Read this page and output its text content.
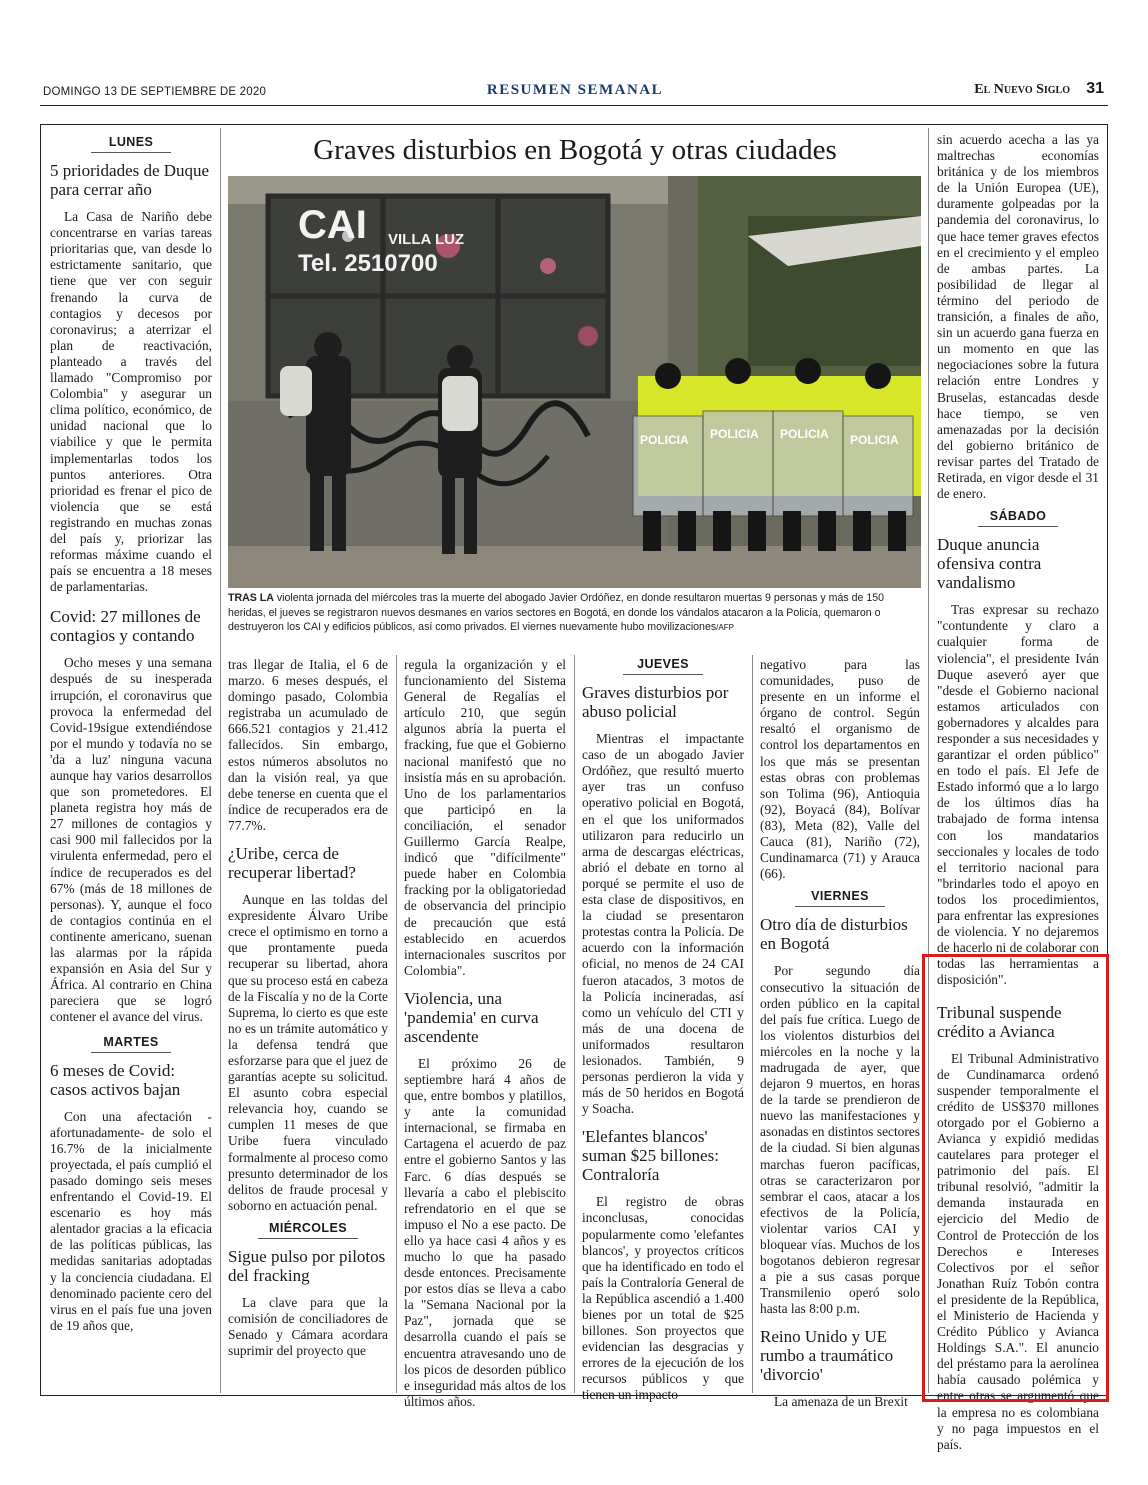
DOMINGO 13 DE SEPTIEMBRE DE 2020	RESUMEN SEMANAL	El Nuevo Siglo 31
LUNES
5 prioridades de Duque para cerrar año

La Casa de Nariño debe concentrarse en varias tareas prioritarias que, van desde lo estrictamente sanitario, que tiene que ver con seguir frenando la curva de contagios y decesos por coronavirus; a aterrizar el plan de reactivación, planteado a través del llamado "Compromiso por Colombia" y asegurar un clima político, económico, de unidad nacional que lo viabilice y que le permita implementarlas todos los puntos anteriores. Otra prioridad es frenar el pico de violencia que se está registrando en muchas zonas del país y, priorizar las reformas máxime cuando el país se encuentra a 18 meses de parlamentarias.

Covid: 27 millones de contagios y contando

Ocho meses y una semana después de su inesperada irrupción, el coronavirus que provoca la enfermedad del Covid-19sigue extendiéndose por el mundo y todavía no se 'da a luz' ninguna vacuna aunque hay varios desarrollos que son prometedores. El planeta registra hoy más de 27 millones de contagios y casi 900 mil fallecidos por la virulenta enfermedad, pero el índice de recuperados es del 67% (más de 18 millones de personas). Y, aunque el foco de contagios continúa en el continente americano, suenan las alarmas por la rápida expansión en Asia del Sur y África. Al contrario en China pareciera que se logró contener el avance del virus.

MARTES
6 meses de Covid: casos activos bajan

Con una afectación -afortunadamente- de solo el 16.7% de la inicialmente proyectada, el país cumplió el pasado domingo seis meses enfrentando el Covid-19. El escenario es hoy más alentador gracias a la eficacia de las políticas públicas, las medidas sanitarias adoptadas y la conciencia ciudadana. El denominado paciente cero del virus en el país fue una joven de 19 años que,

Graves disturbios en Bogotá y otras ciudades
CAI VILLA LUZ
Tel. 2510700
POLICIA POLICIA POLICIA POLICIA
TRAS LA violenta jornada del miércoles tras la muerte del abogado Javier Ordóñez, en donde resultaron muertas 9 personas y más de 150 heridas, el jueves se registraron nuevos desmanes en varios sectores en Bogotá, en donde los vándalos atacaron a la Policía, quemaron o destruyeron los CAI y edificios públicos, así como privados. El viernes nuevamente hubo movilizaciones/AFP

tras llegar de Italia, el 6 de marzo. 6 meses después, el domingo pasado, Colombia registraba un acumulado de 666.521 contagios y 21.412 fallecidos. Sin embargo, estos números absolutos no dan la visión real, ya que debe tenerse en cuenta que el índice de recuperados era de 77.7%.

¿Uribe, cerca de recuperar libertad?

Aunque en las toldas del expresidente Álvaro Uribe crece el optimismo en torno a que prontamente pueda recuperar su libertad, ahora que su proceso está en cabeza de la Fiscalía y no de la Corte Suprema, lo cierto es que este no es un trámite automático y la defensa tendrá que esforzarse para que el juez de garantías acepte su solicitud. El asunto cobra especial relevancia hoy, cuando se cumplen 11 meses de que Uribe fuera vinculado formalmente al proceso como presunto determinador de los delitos de fraude procesal y soborno en actuación penal.

MIÉRCOLES
Sigue pulso por pilotos del fracking

La clave para que la comisión de conciliadores de Senado y Cámara acordara suprimir del proyecto que

regula la organización y el funcionamiento del Sistema General de Regalías el artículo 210, que según algunos abría la puerta el fracking, fue que el Gobierno nacional manifestó que no insistía más en su aprobación. Uno de los parlamentarios que participó en la conciliación, el senador Guillermo García Realpe, indicó que "difícilmente" puede haber en Colombia fracking por la obligatoriedad de observancia del principio de precaución que está establecido en acuerdos internacionales suscritos por Colombia".

Violencia, una 'pandemia' en curva ascendente

El próximo 26 de septiembre hará 4 años de que, entre bombos y platillos, y ante la comunidad internacional, se firmaba en Cartagena el acuerdo de paz entre el gobierno Santos y las Farc. 6 días después se llevaría a cabo el plebiscito refrendatorio en el que se impuso el No a ese pacto. De ello ya hace casi 4 años y es mucho lo que ha pasado desde entonces. Precisamente por estos días se lleva a cabo la "Semana Nacional por la Paz", jornada que se desarrolla cuando el país se encuentra atravesando uno de los picos de desorden público e inseguridad más altos de los últimos años.

JUEVES
Graves disturbios por abuso policial

Mientras el impactante caso de un abogado Javier Ordóñez, que resultó muerto ayer tras un confuso operativo policial en Bogotá, en el que los uniformados utilizaron para reducirlo un arma de descargas eléctricas, abrió el debate en torno al porqué se permite el uso de esta clase de dispositivos, en la ciudad se presentaron protestas contra la Policía. De acuerdo con la información oficial, no menos de 24 CAI fueron atacados, 3 motos de la Policía incineradas, así como un vehículo del CTI y más de una docena de uniformados resultaron lesionados. También, 9 personas perdieron la vida y más de 50 heridos en Bogotá y Soacha.

'Elefantes blancos' suman $25 billones: Contraloría

El registro de obras inconclusas, conocidas popularmente como 'elefantes blancos', y proyectos críticos que ha identificado en todo el país la Contraloría General de la República ascendió a 1.400 bienes por un total de $25 billones. Son proyectos que evidencian las desgracias y errores de la ejecución de los recursos públicos y que tienen un impacto

negativo para las comunidades, puso de presente en un informe el órgano de control. Según resaltó el organismo de control los departamentos en los que más se presentan estas obras con problemas son Tolima (96), Antioquia (92), Boyacá (84), Bolívar (83), Meta (82), Valle del Cauca (81), Nariño (72), Cundinamarca (71) y Arauca (66).

VIERNES
Otro día de disturbios en Bogotá

Por segundo día consecutivo la situación de orden público en la capital del país fue crítica. Luego de los violentos disturbios del miércoles en la noche y la madrugada de ayer, que dejaron 9 muertos, en horas de la tarde se prendieron de nuevo las manifestaciones y asonadas en distintos sectores de la ciudad. Si bien algunas marchas fueron pacíficas, otras se caracterizaron por sembrar el caos, atacar a los efectivos de la Policía, violentar varios CAI y bloquear vías. Muchos de los bogotanos debieron regresar a pie a sus casas porque Transmilenio operó solo hasta las 8:00 p.m.

Reino Unido y UE rumbo a traumático 'divorcio'

La amenaza de un Brexit

sin acuerdo acecha a las ya maltrechas economías británica y de los miembros de la Unión Europea (UE), duramente golpeadas por la pandemia del coronavirus, lo que hace temer graves efectos en el crecimiento y el empleo de ambas partes. La posibilidad de llegar al término del periodo de transición, a finales de año, sin un acuerdo gana fuerza en un momento en que las negociaciones sobre la futura relación entre Londres y Bruselas, estancadas desde hace tiempo, se ven amenazadas por la decisión del gobierno británico de revisar partes del Tratado de Retirada, en vigor desde el 31 de enero.

SÁBADO
Duque anuncia ofensiva contra vandalismo

Tras expresar su rechazo "contundente y claro a cualquier forma de violencia", el presidente Iván Duque aseveró ayer que "desde el Gobierno nacional estamos articulados con gobernadores y alcaldes para responder a sus necesidades y garantizar el orden público" en todo el país. El Jefe de Estado informó que a lo largo de los últimos días ha trabajado de forma intensa con los mandatarios seccionales y locales de todo el territorio nacional para "brindarles todo el apoyo en todos los procedimientos, para enfrentar las expresiones de violencia. Y no dejaremos de hacerlo ni de colaborar con todas las herramientas a disposición".

Tribunal suspende crédito a Avianca

El Tribunal Administrativo de Cundinamarca ordenó suspender temporalmente el crédito de US$370 millones otorgado por el Gobierno a Avianca y expidió medidas cautelares para proteger el patrimonio del país. El tribunal resolvió, "admitir la demanda instaurada en ejercicio del Medio de Control de Protección de los Derechos e Intereses Colectivos por el señor Jonathan Ruíz Tobón contra el presidente de la República, el Ministerio de Hacienda y Crédito Público y Avianca Holdings S.A.". El anuncio del préstamo para la aerolínea había causado polémica y entre otras se argumentó que la empresa no es colombiana y no paga impuestos en el país.
